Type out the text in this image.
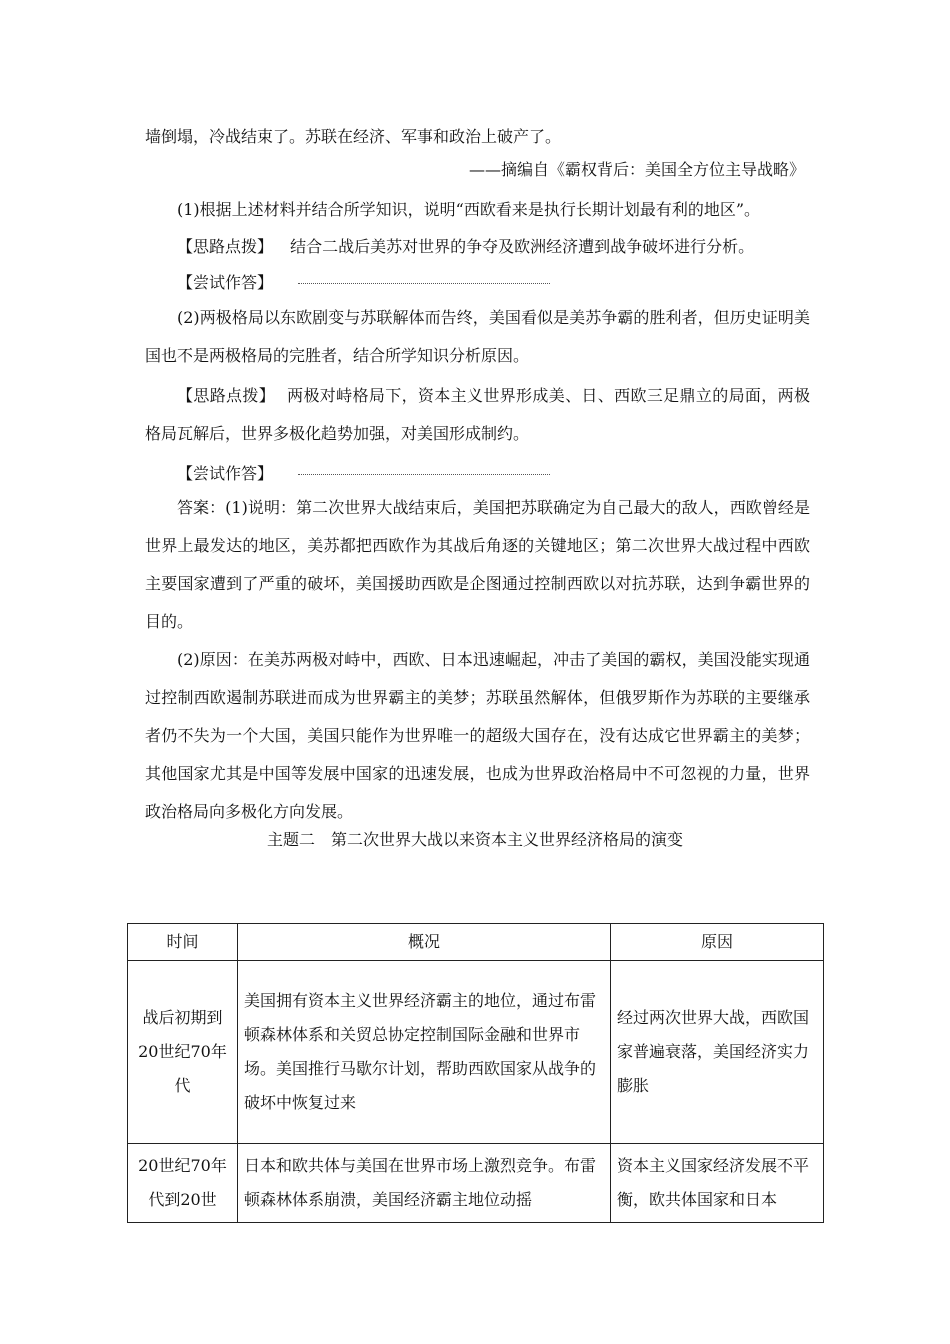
墙倒塌，冷战结束了。苏联在经济、军事和政治上破产了。
——摘编自《霸权背后：美国全方位主导战略》
(1)根据上述材料并结合所学知识，说明“西欧看来是执行长期计划最有利的地区”。
【思路点拨】 结合二战后美苏对世界的争夺及欧洲经济遭到战争破坏进行分析。
【尝试作答】
(2)两极格局以东欧剧变与苏联解体而告终，美国看似是美苏争霸的胜利者，但历史证明美国也不是两极格局的完胜者，结合所学知识分析原因。
【思路点拨】 两极对峙格局下，资本主义世界形成美、日、西欧三足鼎立的局面，两极格局瓦解后，世界多极化趋势加强，对美国形成制约。
【尝试作答】
答案：(1)说明：第二次世界大战结束后，美国把苏联确定为自己最大的敌人，西欧曾经是世界上最发达的地区，美苏都把西欧作为其战后角逐的关键地区；第二次世界大战过程中西欧主要国家遭到了严重的破坏，美国援助西欧是企图通过控制西欧以对抗苏联，达到争霸世界的目的。
(2)原因：在美苏两极对峙中，西欧、日本迅速崛起，冲击了美国的霸权，美国没能实现通过控制西欧遏制苏联进而成为世界霸主的美梦；苏联虽然解体，但俄罗斯作为苏联的主要继承者仍不失为一个大国，美国只能作为世界唯一的超级大国存在，没有达成它世界霸主的美梦；其他国家尤其是中国等发展中国家的迅速发展，也成为世界政治格局中不可忽视的力量，世界政治格局向多极化方向发展。
主题二　第二次世界大战以来资本主义世界经济格局的演变
时间	概况	原因
战后初期到20世纪70年代	美国拥有资本主义世界经济霸主的地位，通过布雷顿森林体系和关贸总协定控制国际金融和世界市场。美国推行马歇尔计划，帮助西欧国家从战争的破坏中恢复过来	经过两次世界大战，西欧国家普遍衰落，美国经济实力膨胀
20世纪70年代到20世	日本和欧共体与美国在世界市场上激烈竞争。布雷顿森林体系崩溃，美国经济霸主地位动摇	资本主义国家经济发展不平衡，欧共体国家和日本
